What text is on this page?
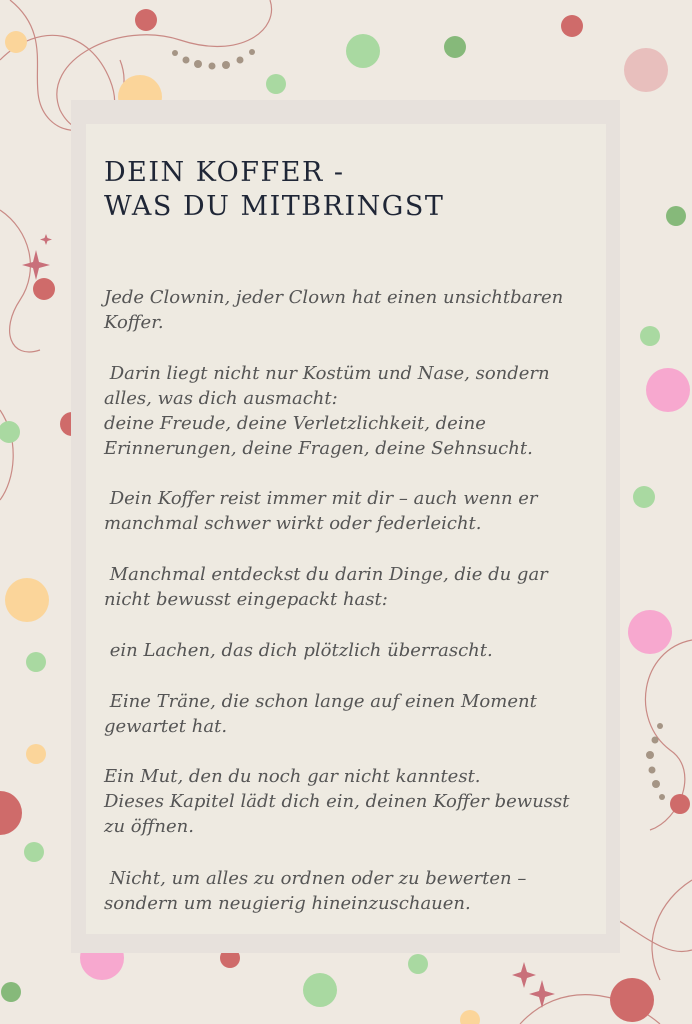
DEIN KOFFER -
WAS DU MITBRINGST

Jede Clownin, jeder Clown hat einen unsichtbaren
Koffer.

Darin liegt nicht nur Kostüm und Nase, sondern
alles, was dich ausmacht:
deine Freude, deine Verletzlichkeit, deine
Erinnerungen, deine Fragen, deine Sehnsucht.

Dein Koffer reist immer mit dir – auch wenn er
manchmal schwer wirkt oder federleicht.

Manchmal entdeckst du darin Dinge, die du gar
nicht bewusst eingepackt hast:

ein Lachen, das dich plötzlich überrascht.

Eine Träne, die schon lange auf einen Moment
gewartet hat.

Ein Mut, den du noch gar nicht kanntest.
Dieses Kapitel lädt dich ein, deinen Koffer bewusst
zu öffnen.

Nicht, um alles zu ordnen oder zu bewerten –
sondern um neugierig hineinzuschauen.
